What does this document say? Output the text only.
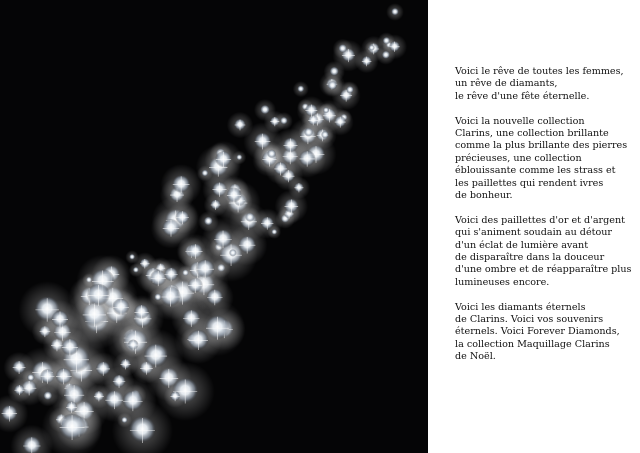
Voici le rêve de toutes les femmes,
un rêve de diamants,
le rêve d'une fête éternelle.

Voici la nouvelle collection
Clarins, une collection brillante
comme la plus brillante des pierres
précieuses, une collection
éblouissante comme les strass et
les paillettes qui rendent ivres
de bonheur.

Voici des paillettes d'or et d'argent
qui s'animent soudain au détour
d'un éclat de lumière avant
de disparaître dans la douceur
d'une ombre et de réapparaître plus
lumineuses encore.

Voici les diamants éternels
de Clarins. Voici vos souvenirs
éternels. Voici Forever Diamonds,
la collection Maquillage Clarins
de Noël.
